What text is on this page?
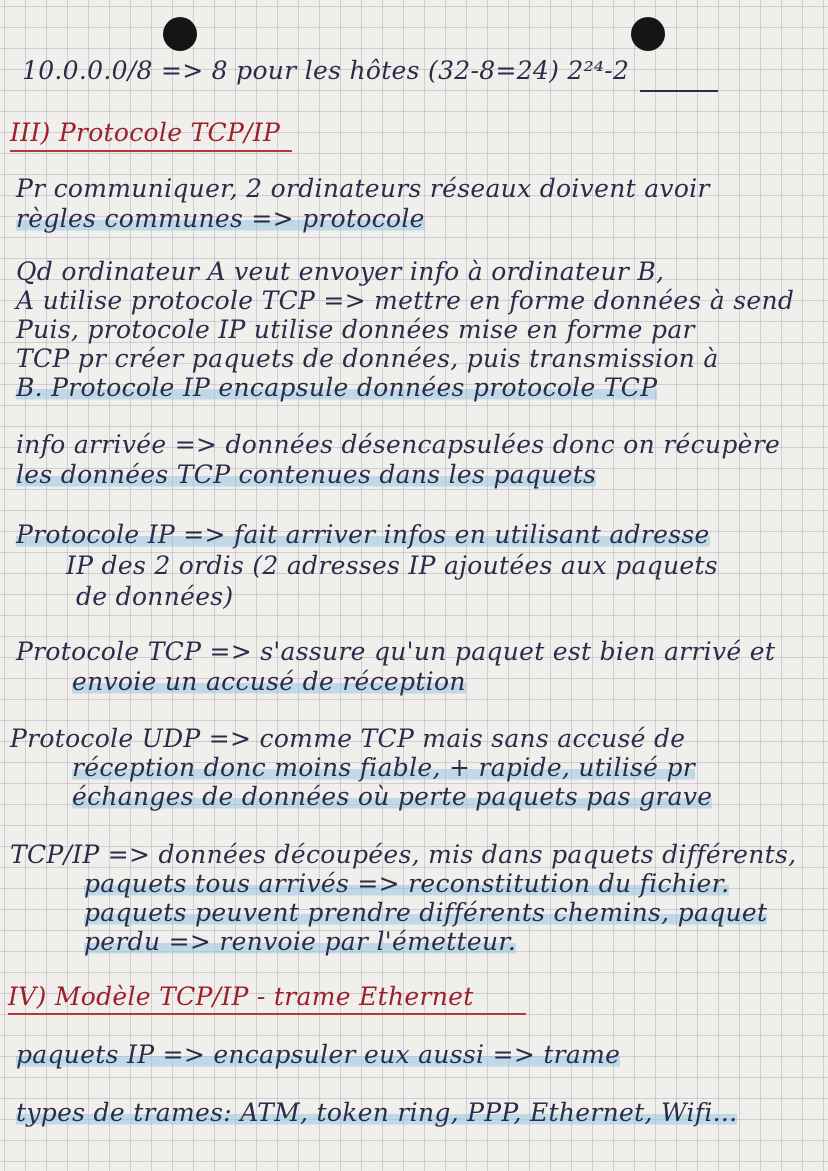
10.0.0.0/8 => 8 pour les hôtes (32-8=24) 2²⁴-2
III) Protocole TCP/IP
Pr communiquer, 2 ordinateurs réseaux doivent avoir
règles communes => protocole
Qd ordinateur A veut envoyer info à ordinateur B,
A utilise protocole TCP => mettre en forme données à send
Puis, protocole IP utilise données mise en forme par
TCP pr créer paquets de données, puis transmission à
B. Protocole IP encapsule données protocole TCP
info arrivée => données désencapsulées donc on récupère
les données TCP contenues dans les paquets
Protocole IP => fait arriver infos en utilisant adresse
IP des 2 ordis (2 adresses IP ajoutées aux paquets
de données)
Protocole TCP => s'assure qu'un paquet est bien arrivé et
envoie un accusé de réception
Protocole UDP => comme TCP mais sans accusé de
réception donc moins fiable, + rapide, utilisé pr
échanges de données où perte paquets pas grave
TCP/IP => données découpées, mis dans paquets différents,
paquets tous arrivés => reconstitution du fichier.
paquets peuvent prendre différents chemins, paquet
perdu => renvoie par l'émetteur.
IV) Modèle TCP/IP - trame Ethernet
paquets IP => encapsuler eux aussi => trame
types de trames: ATM, token ring, PPP, Ethernet, Wifi...
